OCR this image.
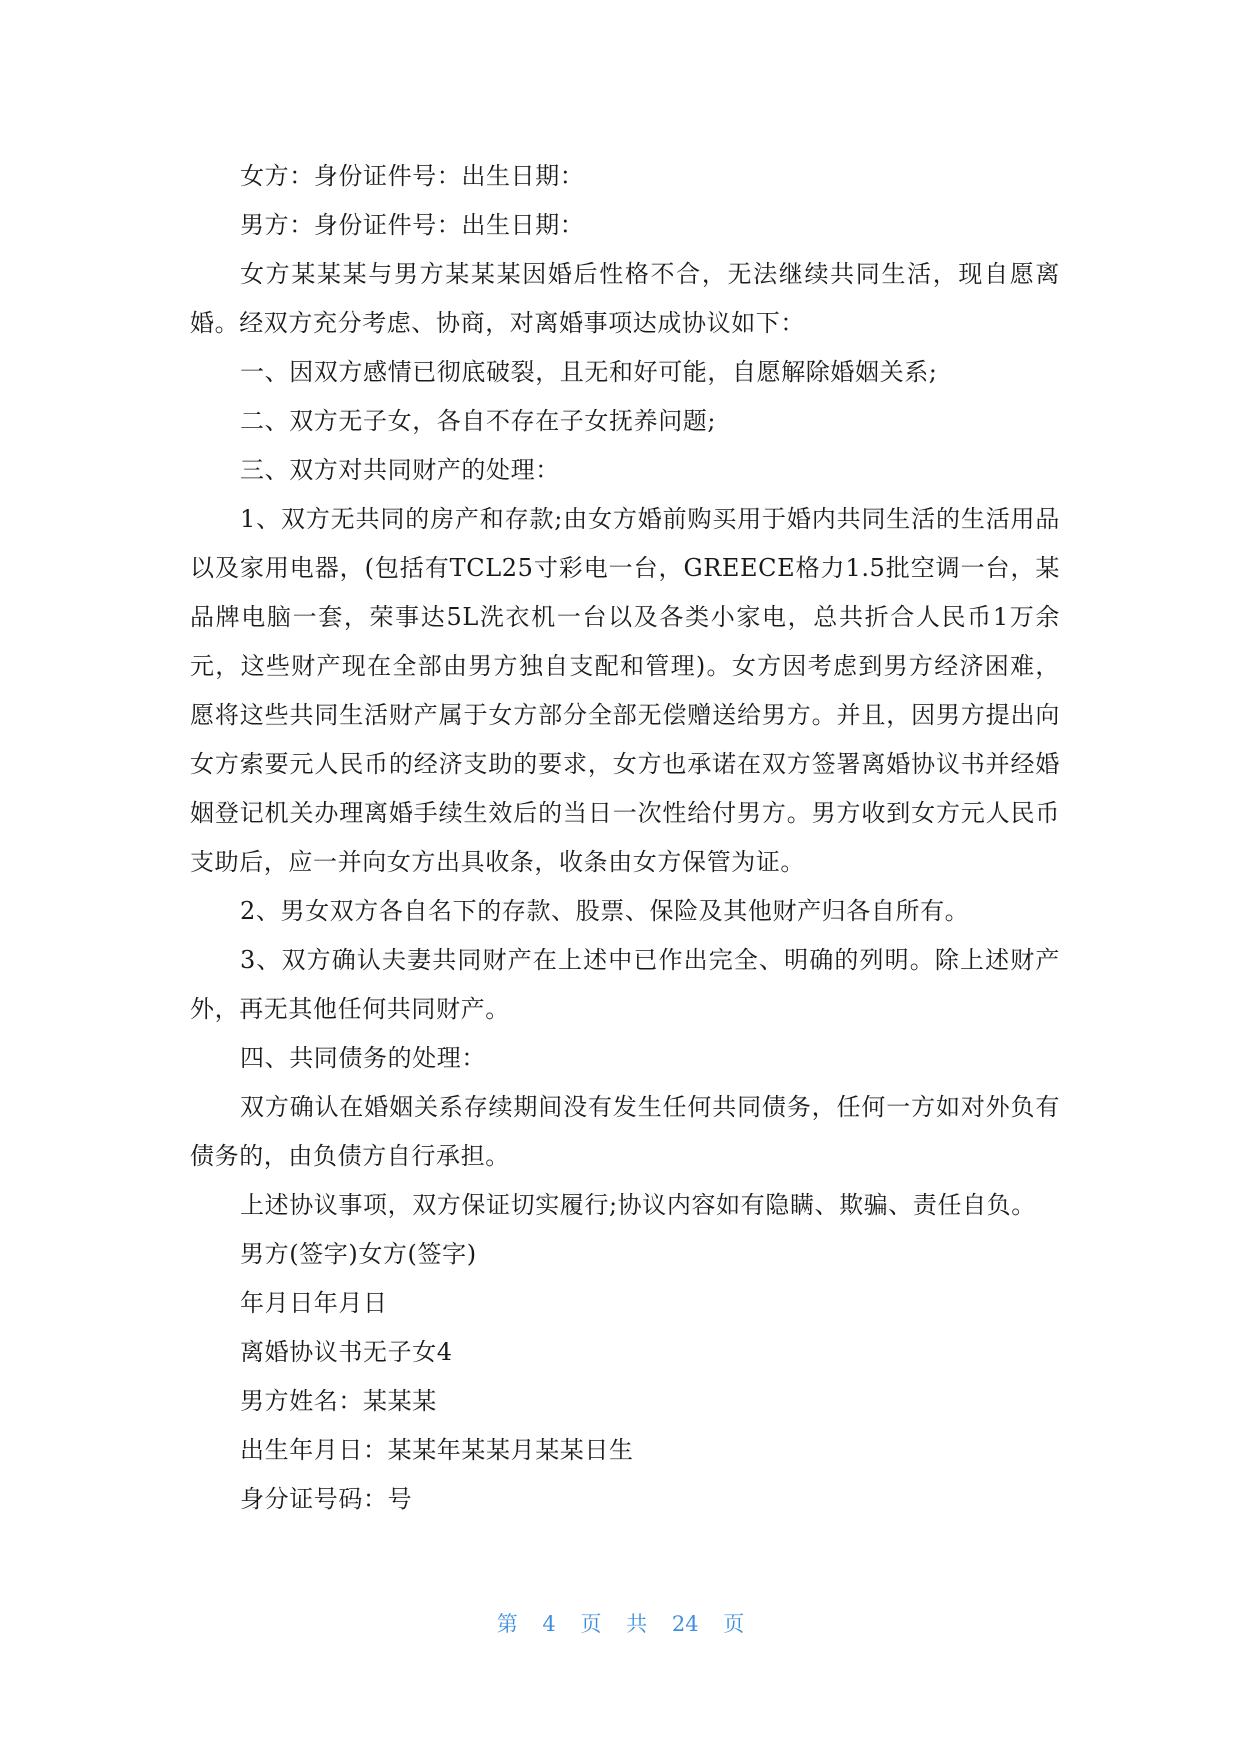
女方：身份证件号：出生日期：

男方：身份证件号：出生日期：

女方某某某与男方某某某因婚后性格不合，无法继续共同生活，现自愿离婚。经双方充分考虑、协商，对离婚事项达成协议如下：

一、因双方感情已彻底破裂，且无和好可能，自愿解除婚姻关系;

二、双方无子女，各自不存在子女抚养问题;

三、双方对共同财产的处理：

1、双方无共同的房产和存款;由女方婚前购买用于婚内共同生活的生活用品以及家用电器，(包括有TCL25寸彩电一台，GREECE格力1.5批空调一台，某品牌电脑一套，荣事达5L洗衣机一台以及各类小家电，总共折合人民币1万余元，这些财产现在全部由男方独自支配和管理)。女方因考虑到男方经济困难，愿将这些共同生活财产属于女方部分全部无偿赠送给男方。并且，因男方提出向女方索要元人民币的经济支助的要求，女方也承诺在双方签署离婚协议书并经婚姻登记机关办理离婚手续生效后的当日一次性给付男方。男方收到女方元人民币支助后，应一并向女方出具收条，收条由女方保管为证。

2、男女双方各自名下的存款、股票、保险及其他财产归各自所有。

3、双方确认夫妻共同财产在上述中已作出完全、明确的列明。除上述财产外，再无其他任何共同财产。

四、共同债务的处理：

双方确认在婚姻关系存续期间没有发生任何共同债务，任何一方如对外负有债务的，由负债方自行承担。

上述协议事项，双方保证切实履行;协议内容如有隐瞒、欺骗、责任自负。

男方(签字)女方(签字)

年月日年月日

离婚协议书无子女4

男方姓名：某某某

出生年月日：某某年某某月某某日生

身分证号码：号

第 4 页 共 24 页
